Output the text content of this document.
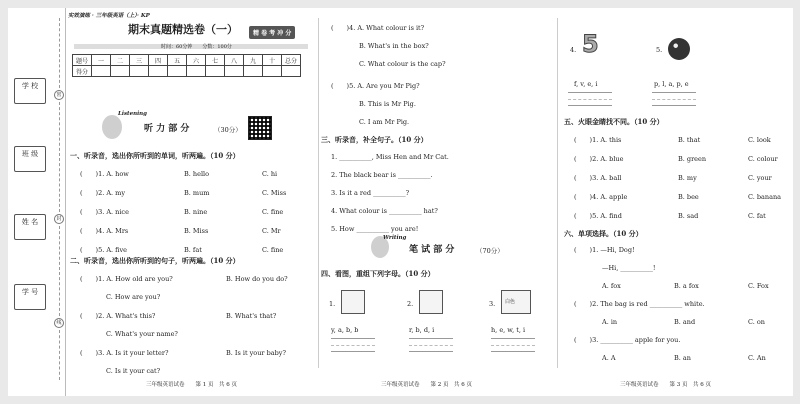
学 校
班 级
姓 名
学 号
密
封
线
实效演练 · 三年级英语（上）· KP
期末真题精选卷（一）	精 卷 考 冲 分
时间：60分钟　　分数：100分
题号	一	二	三	四	五	六	七	八	九	十	总分
得分											
Listening
听 力 部 分	（30分）
一、听录音，选出你所听到的单词，听两遍。（10 分）
(　　)1. A. how	B. hello	C. hi
(　　)2. A. my	B. mum	C. Miss
(　　)3. A. nice	B. nine	C. fine
(　　)4. A. Mrs	B. Miss	C. Mr
(　　)5. A. five	B. fat	C. fine
二、听录音，选出你所听到的句子，听两遍。（10 分）
(　　)1. A. How old are you?	B. How do you do?
C. How are you?
(　　)2. A. What's this?	B. What's that?
C. What's your name?
(　　)3. A. Is it your letter?	B. Is it your baby?
C. Is it your cat?
三年级英语试卷　　第 1 页　共 6 页
(　　)4. A. What colour is it?
B. What's in the box?
C. What colour is the cap?
(　　)5. A. Are you Mr Pig?
B. This is Mr Pig.
C. I am Mr Pig.
三、听录音，补全句子。（10 分）
1. __________, Miss Hen and Mr Cat.
2. The black bear is __________.
3. Is it a red __________?
4. What colour is __________ hat?
5. How __________ you are!
Writing
笔 试 部 分	（70分）
四、看图，重组下列字母。（10 分）
1.
y, a, b, b
2.
r, b, d, i
3. 白色
h, e, w, t, i
三年级英语试卷　　第 2 页　共 6 页
4. 5
f, v, e, i
5.
p, l, a, p, e
五、火眼金睛找不同。（10 分）
(　　)1. A. this	B. that	C. look
(　　)2. A. blue	B. green	C. colour
(　　)3. A. ball	B. my	C. your
(　　)4. A. apple	B. bee	C. banana
(　　)5. A. find	B. sad	C. fat
六、单项选择。（10 分）
(　　)1. —Hi, Dog!
—Hi, __________!
A. fox	B. a fox	C. Fox
(　　)2. The bag is red __________ white.
A. in	B. and	C. on
(　　)3. __________ apple for you.
A. A	B. an	C. An
三年级英语试卷　　第 3 页　共 6 页
